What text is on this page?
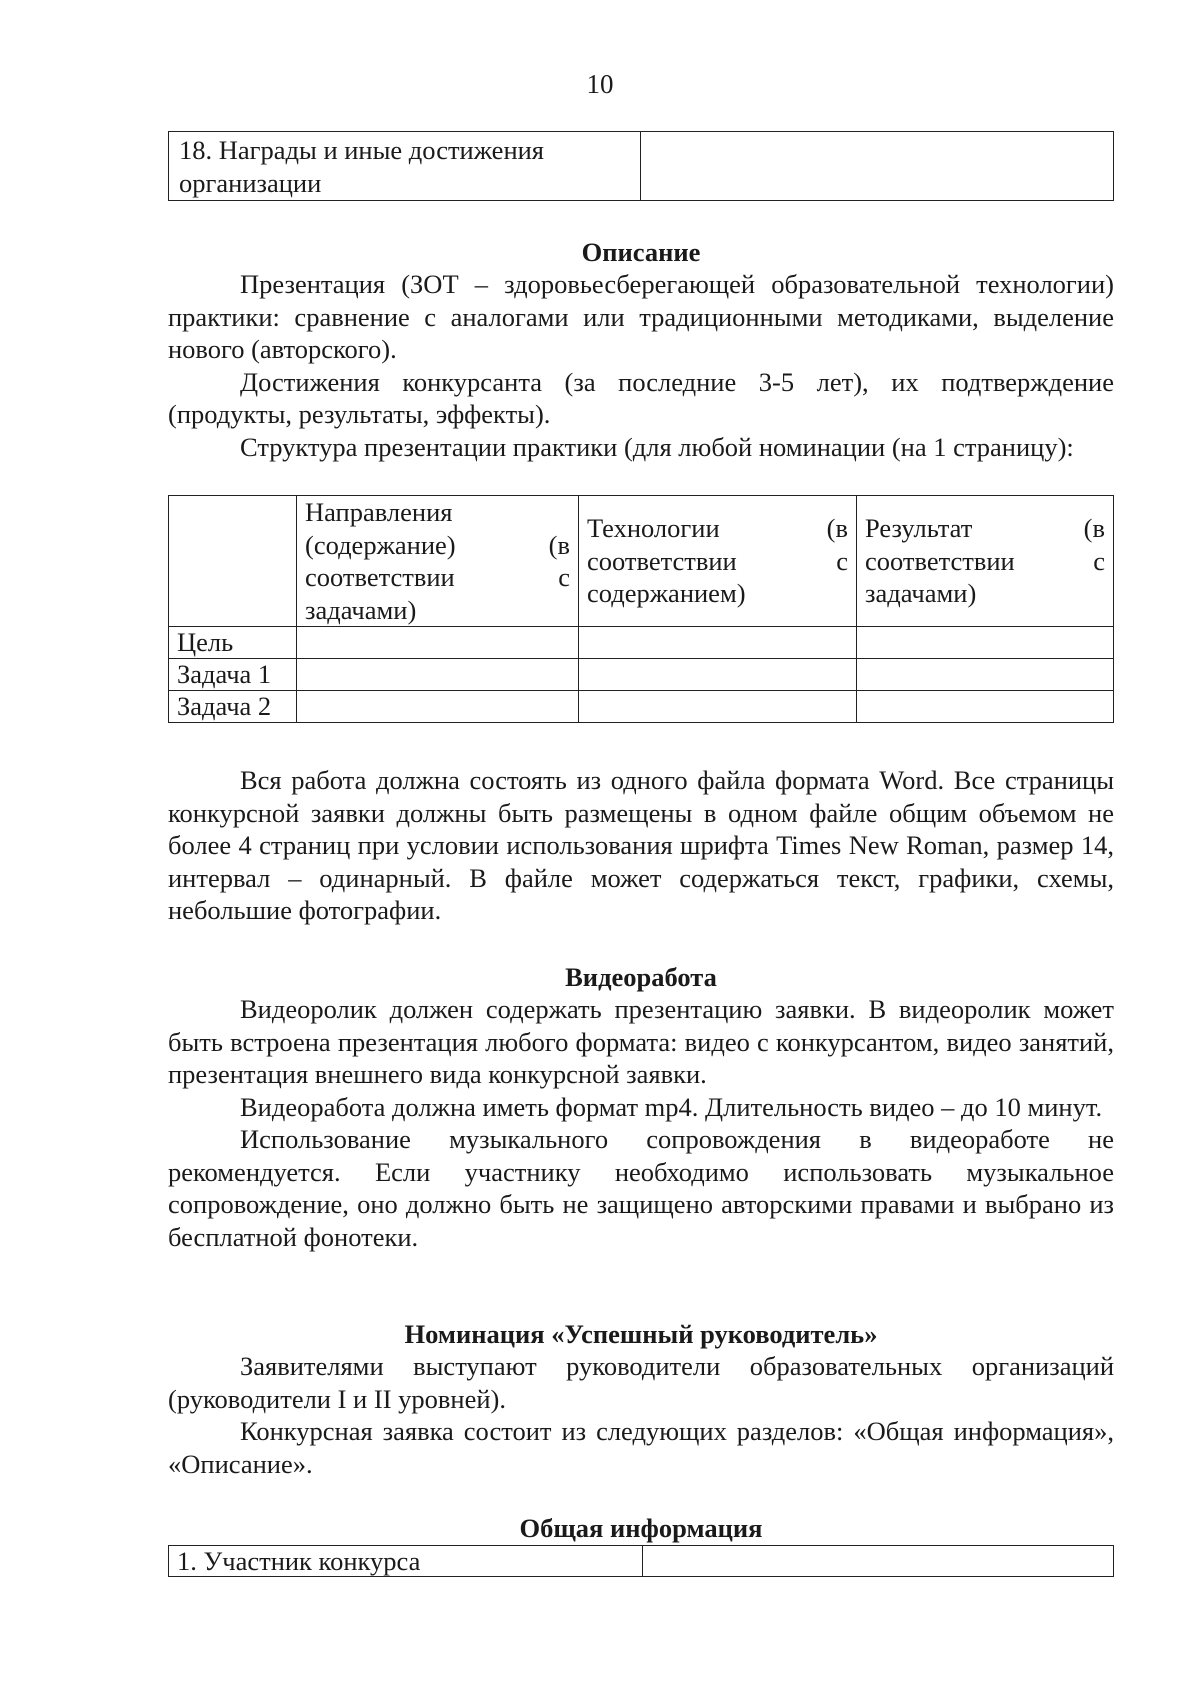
10
18. Награды и иные достижения организации	
Описание

Презентация (ЗОТ – здоровьесберегающей образовательной технологии) практики: сравнение с аналогами или традиционными методиками, выделение нового (авторского).

Достижения конкурсанта (за последние 3-5 лет), их подтверждение (продукты, результаты, эффекты).

Структура презентации практики (для любой номинации (на 1 страницу):

	Направления (содержание) (в соответствии с задачами)	Технологии (в соответствии с содержанием)	Результат (в соответствии с задачами)
Цель			
Задача 1			
Задача 2			

Вся работа должна состоять из одного файла формата Word. Все страницы конкурсной заявки должны быть размещены в одном файле общим объемом не более 4 страниц при условии использования шрифта Times New Roman, размер 14, интервал – одинарный. В файле может содержаться текст, графики, схемы, небольшие фотографии.

Видеоработа

Видеоролик должен содержать презентацию заявки. В видеоролик может быть встроена презентация любого формата: видео с конкурсантом, видео занятий, презентация внешнего вида конкурсной заявки.

Видеоработа должна иметь формат mp4. Длительность видео – до 10 минут.

Использование музыкального сопровождения в видеоработе не рекомендуется. Если участнику необходимо использовать музыкальное сопровождение, оно должно быть не защищено авторскими правами и выбрано из бесплатной фонотеки.

Номинация «Успешный руководитель»

Заявителями выступают руководители образовательных организаций (руководители I и II уровней).

Конкурсная заявка состоит из следующих разделов: «Общая информация», «Описание».

Общая информация
1. Участник конкурса	
